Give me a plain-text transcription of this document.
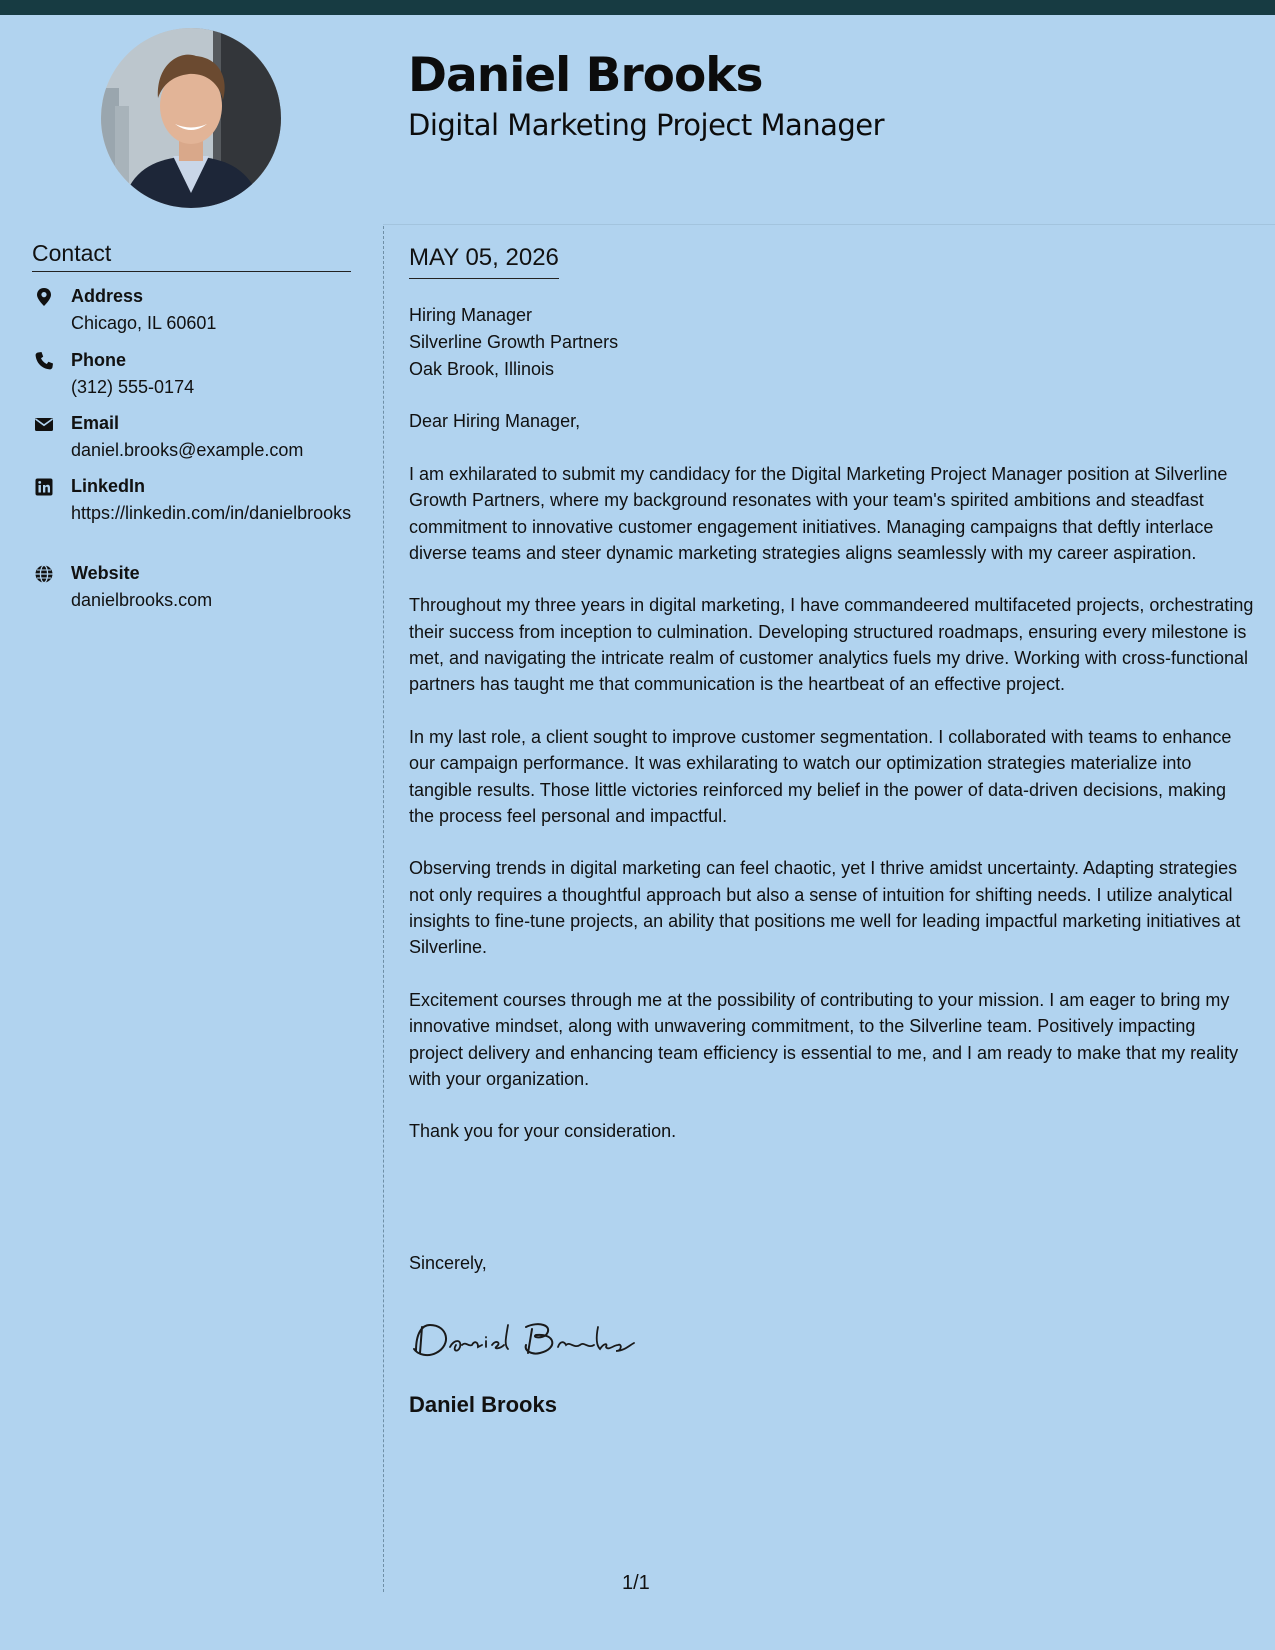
Daniel Brooks
Digital Marketing Project Manager
Contact
Address
Chicago, IL 60601
Phone
(312) 555-0174
Email
daniel.brooks@example.com
LinkedIn
https://linkedin.com/in/danielbrooks
Website
danielbrooks.com
MAY 05, 2026
Hiring Manager
Silverline Growth Partners
Oak Brook, Illinois

Dear Hiring Manager,

I am exhilarated to submit my candidacy for the Digital Marketing Project Manager position at Silverline Growth Partners, where my background resonates with your team's spirited ambitions and steadfast commitment to innovative customer engagement initiatives. Managing campaigns that deftly interlace diverse teams and steer dynamic marketing strategies aligns seamlessly with my career aspiration.

Throughout my three years in digital marketing, I have commandeered multifaceted projects, orchestrating their success from inception to culmination. Developing structured roadmaps, ensuring every milestone is met, and navigating the intricate realm of customer analytics fuels my drive. Working with cross-functional partners has taught me that communication is the heartbeat of an effective project.

In my last role, a client sought to improve customer segmentation. I collaborated with teams to enhance our campaign performance. It was exhilarating to watch our optimization strategies materialize into tangible results. Those little victories reinforced my belief in the power of data-driven decisions, making the process feel personal and impactful.

Observing trends in digital marketing can feel chaotic, yet I thrive amidst uncertainty. Adapting strategies not only requires a thoughtful approach but also a sense of intuition for shifting needs. I utilize analytical insights to fine-tune projects, an ability that positions me well for leading impactful marketing initiatives at Silverline.

Excitement courses through me at the possibility of contributing to your mission. I am eager to bring my innovative mindset, along with unwavering commitment, to the Silverline team. Positively impacting project delivery and enhancing team efficiency is essential to me, and I am ready to make that my reality with your organization.

Thank you for your consideration.

Sincerely,
Daniel Brooks
1/1
